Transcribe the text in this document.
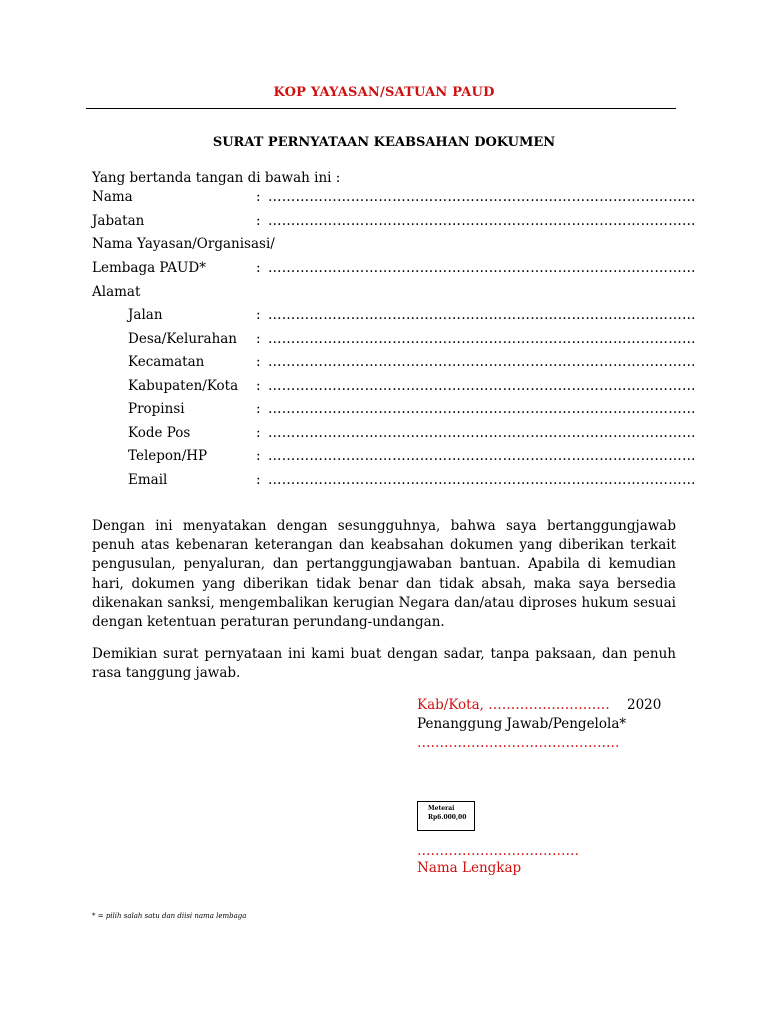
KOP YAYASAN/SATUAN PAUD
SURAT PERNYATAAN KEABSAHAN DOKUMEN
Yang bertanda tangan di bawah ini :
Nama	: …………………………………………………………………………………
Jabatan	: …………………………………………………………………………………
Nama Yayasan/Organisasi/
Lembaga PAUD*	: …………………………………………………………………………………
Alamat
Jalan	: …………………………………………………………………………………
Desa/Kelurahan : …………………………………………………………………………………
Kecamatan	: …………………………………………………………………………………
Kabupaten/Kota : …………………………………………………………………………………
Propinsi	: …………………………………………………………………………………
Kode Pos	: …………………………………………………………………………………
Telepon/HP	: …………………………………………………………………………………
Email	: …………………………………………………………………………………
Dengan ini menyatakan dengan sesungguhnya, bahwa saya bertanggungjawab penuh atas kebenaran keterangan dan keabsahan dokumen yang diberikan terkait pengusulan, penyaluran, dan pertanggungjawaban bantuan. Apabila di kemudian hari, dokumen yang diberikan tidak benar dan tidak absah, maka saya bersedia dikenakan sanksi, mengembalikan kerugian Negara dan/atau diproses hukum sesuai dengan ketentuan peraturan perundang-undangan.
Demikian surat pernyataan ini kami buat dengan sadar, tanpa paksaan, dan penuh rasa tanggung jawab.
Kab/Kota, ……………………… 2020
Penanggung Jawab/Pengelola*
………………………………………
Meterai
Rp6.000,00
………………………………
Nama Lengkap
* = pilih salah satu dan diisi nama lembaga
